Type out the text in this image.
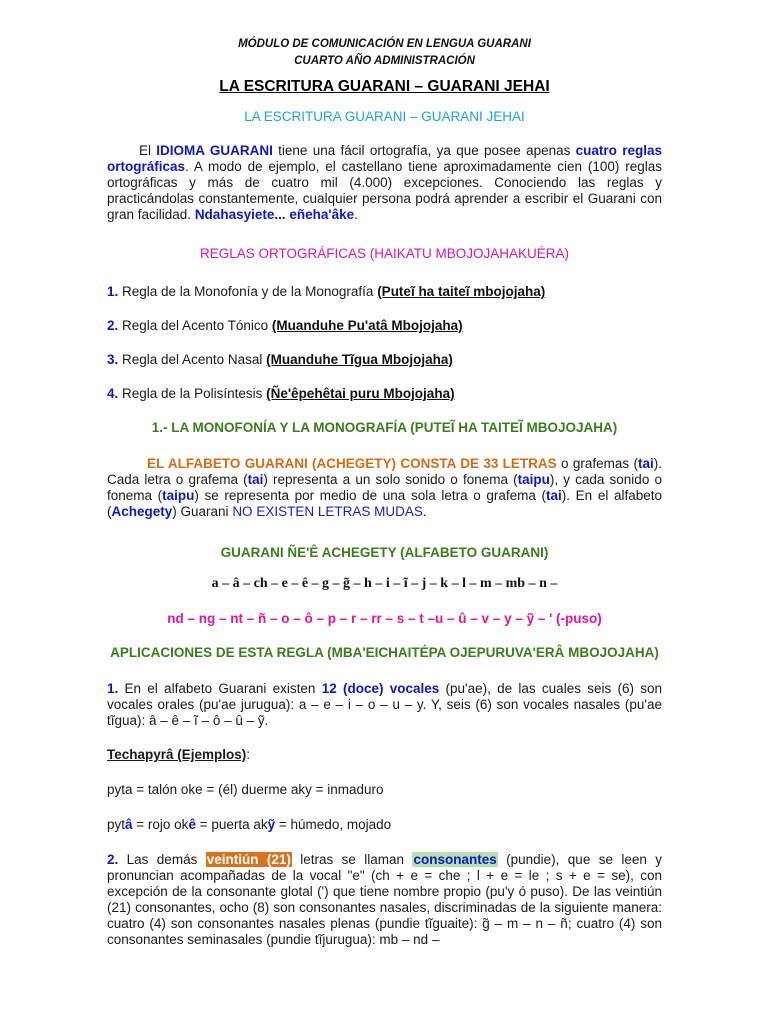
MÓDULO DE COMUNICACIÓN EN LENGUA GUARANI
CUARTO AÑO ADMINISTRACIÓN
LA ESCRITURA GUARANI – GUARANI JEHAI
LA ESCRITURA GUARANI – GUARANI JEHAI

El IDIOMA GUARANI tiene una fácil ortografía, ya que posee apenas cuatro reglas ortográficas. A modo de ejemplo, el castellano tiene aproximadamente cien (100) reglas ortográficas y más de cuatro mil (4.000) excepciones. Conociendo las reglas y practicándolas constantemente, cualquier persona podrá aprender a escribir el Guarani con gran facilidad. Ndahasyiete... eñeha'âke.

REGLAS ORTOGRÁFICAS (HAIKATU MBOJOJAHAKUÉRA)

1. Regla de la Monofonía y de la Monografía (Puteĩ ha taiteĩ mbojojaha)

2. Regla del Acento Tónico (Muanduhe Pu'atâ Mbojojaha)

3. Regla del Acento Nasal (Muanduhe Tĩgua Mbojojaha)

4. Regla de la Polisíntesis (Ñe'êpehêtai puru Mbojojaha)

1.- LA MONOFONÍA Y LA MONOGRAFÍA (PUTEĨ HA TAITEĨ MBOJOJAHA)

EL ALFABETO GUARANI (ACHEGETY) CONSTA DE 33 LETRAS o grafemas (tai). Cada letra o grafema (tai) representa a un solo sonido o fonema (taipu), y cada sonido o fonema (taipu) se representa por medio de una sola letra o grafema (tai). En el alfabeto (Achegety) Guarani NO EXISTEN LETRAS MUDAS.

GUARANI ÑE'Ê ACHEGETY (ALFABETO GUARANI)
a – â – ch – e – ê – g – g̃ – h – i – ĩ – j – k – l – m – mb – n –
nd – ng – nt – ñ – o – ô – p – r – rr – s – t –u – û – v – y – ỹ – ' (-puso)
APLICACIONES DE ESTA REGLA (MBA'EICHAITÉPA OJEPURUVA'ERÂ MBOJOJAHA)

1. En el alfabeto Guarani existen 12 (doce) vocales (pu'ae), de las cuales seis (6) son vocales orales (pu'ae jurugua): a – e – i – o – u – y. Y, seis (6) son vocales nasales (pu'ae tĩgua): â – ê – ĩ – ô – û – ỹ.

Techapyrâ (Ejemplos):

pyta = talón oke = (él) duerme aky = inmaduro

pytâ = rojo okê = puerta akỹ = húmedo, mojado

2. Las demás veintiún (21) letras se llaman consonantes (pundie), que se leen y pronuncian acompañadas de la vocal "e" (ch + e = che ; l + e = le ; s + e = se), con excepción de la consonante glotal (') que tiene nombre propio (pu'y ó puso). De las veintiún (21) consonantes, ocho (8) son consonantes nasales, discriminadas de la siguiente manera: cuatro (4) son consonantes nasales plenas (pundie tĩguaite): g̃ – m – n – ñ; cuatro (4) son consonantes seminasales (pundie tĩjurugua): mb – nd –
